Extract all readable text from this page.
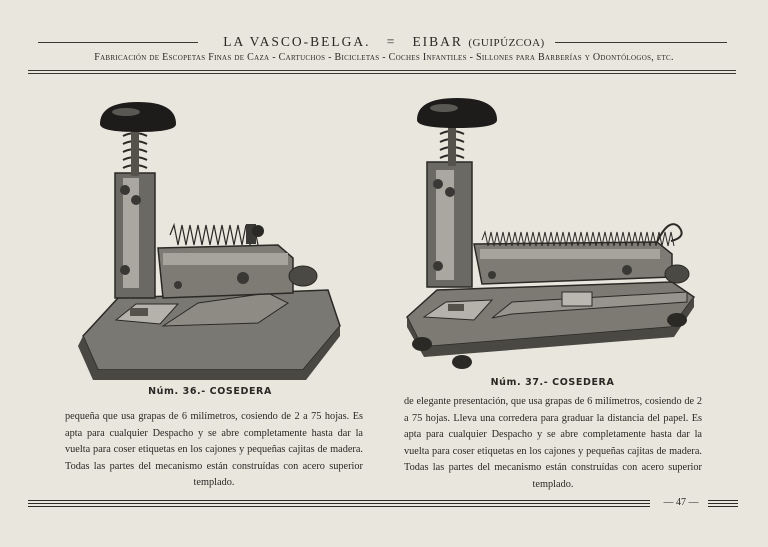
LA VASCO-BELGA. = EIBAR (GUIPÚZCOA)
Fabricación de Escopetas Finas de Caza - Cartuchos - Bicicletas - Coches Infantiles - Sillones para Barberías y Odontólogos, etc.
Núm. 36.- COSEDERA

pequeña que usa grapas de 6 milímetros, cosiendo de 2 a 75 hojas. Es apta para cualquier Despacho y se abre completamente hasta dar la vuelta para coser etiquetas en los cajones y pequeñas cajitas de madera. Todas las partes del mecanismo están construídas con acero superior templado.

Núm. 37.- COSEDERA

de elegante presentación, que usa grapas de 6 milímetros, cosiendo de 2 a 75 hojas. Lleva una corredera para graduar la distancia del papel. Es apta para cualquier Despacho y se abre completamente hasta dar la vuelta para coser etiquetas en los cajones y pequeñas cajitas de madera. Todas las partes del mecanismo están construídas con acero superior templado.

— 47 —
